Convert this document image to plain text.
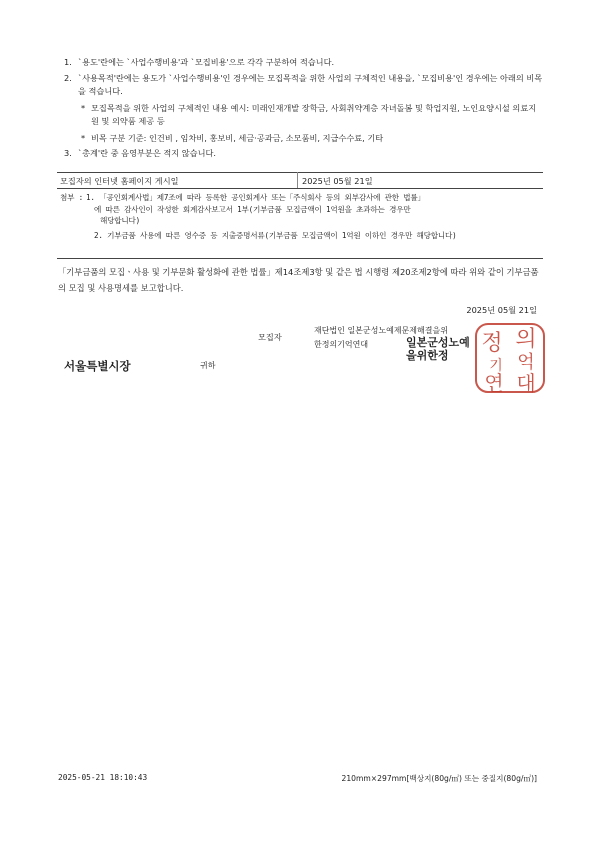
1. `용도'란에는 `사업수행비용'과 `모집비용'으로 각각 구분하여 적습니다.
2. `사용목적'란에는 용도가 `사업수행비용'인 경우에는 모집목적을 위한 사업의 구체적인 내용을, `모집비용'인 경우에는 아래의 비목을 적습니다.
* 모집목적을 위한 사업의 구체적인 내용 예시: 미래인재개발 장학금, 사회취약계층 자녀돌봄 및 학업지원, 노인요양시설 의료지원 및 의약품 제공 등
* 비목 구분 기준: 인건비 , 임차비, 홍보비, 세금·공과금, 소모품비, 지급수수료, 기타
3. `총계'란 중 음영부분은 적지 않습니다.
모집자의 인터넷 홈페이지 게시일	2025년 05월 21일
첨부 : 1. 「공인회계사법」제7조에 따라 등록한 공인회계사 또는「주식회사 등의 외부감사에 관한 법률」
에 따른 감사인이 작성한 회계감사보고서 1부(기부금품 모집금액이 1억원을 초과하는 경우만
해당합니다)
2. 기부금품 사용에 따른 영수증 등 지출증명서류(기부금품 모집금액이 1억원 이하인 경우만 해당합니다)
「기부금품의 모집ㆍ사용 및 기부문화 활성화에 관한 법률」제14조제3항 및 같은 법 시행령 제20조제2항에 따라 위와 같이 기부금품의 모집 및 사용명세를 보고합니다.
2025년 05월 21일
모집자
재단법인 일본군성노예제문제해결을위
한정의기억연대	일본군성노예
을위한정	정 의
기 억
연 대
서울특별시장	귀하
2025-05-21 18:10:43	210mm×297mm[백상지(80g/㎡) 또는 중질지(80g/㎡)]
